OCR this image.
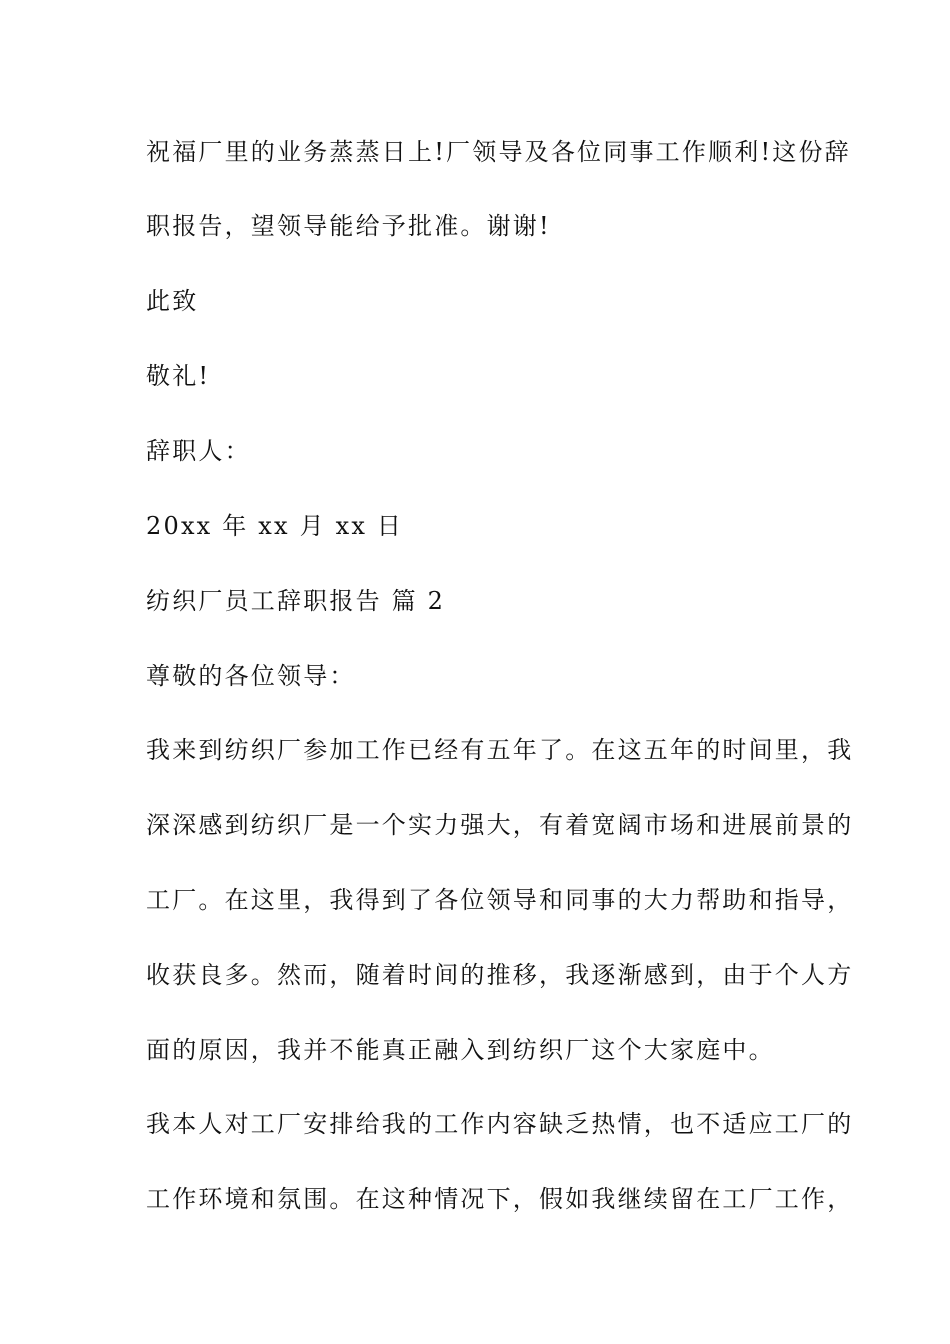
祝福厂里的业务蒸蒸日上!厂领导及各位同事工作顺利!这份辞
职报告，望领导能给予批准。谢谢!
此致
敬礼!
辞职人：
20xx 年 xx 月 xx 日
纺织厂员工辞职报告 篇 2
尊敬的各位领导：
我来到纺织厂参加工作已经有五年了。在这五年的时间里，我
深深感到纺织厂是一个实力强大，有着宽阔市场和进展前景的
工厂。在这里，我得到了各位领导和同事的大力帮助和指导，
收获良多。然而，随着时间的推移，我逐渐感到，由于个人方
面的原因，我并不能真正融入到纺织厂这个大家庭中。
我本人对工厂安排给我的工作内容缺乏热情，也不适应工厂的
工作环境和氛围。在这种情况下，假如我继续留在工厂工作，
